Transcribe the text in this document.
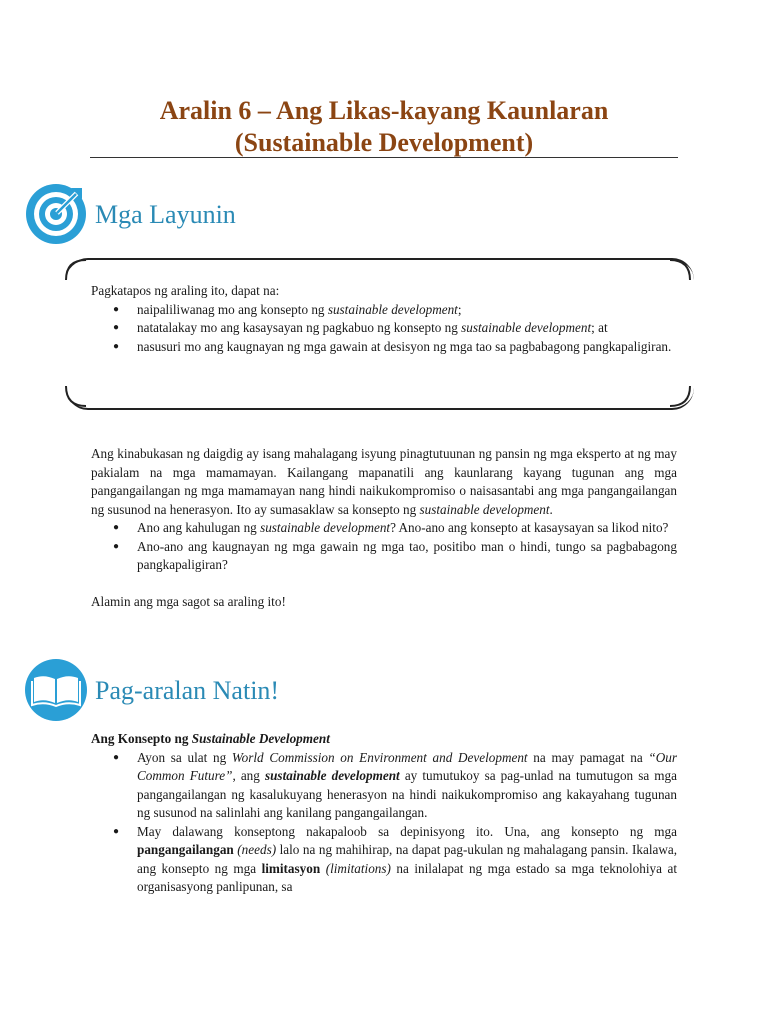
Aralin 6 – Ang Likas-kayang Kaunlaran
(Sustainable Development)
Mga Layunin

Pagkatapos ng araling ito, dapat na:

● naipaliliwanag mo ang konsepto ng sustainable development;
● natatalakay mo ang kasaysayan ng pagkabuo ng konsepto ng sustainable development; at
● nasusuri mo ang kaugnayan ng mga gawain at desisyon ng mga tao sa pagbabagong pangkapaligiran.

Ang kinabukasan ng daigdig ay isang mahalagang isyung pinagtutuunan ng pansin ng mga eksperto at ng may pakialam na mga mamamayan. Kailangang mapanatili ang kaunlarang kayang tugunan ang mga pangangailangan ng mga mamamayan nang hindi naikukompromiso o naisasantabi ang mga pangangailangan ng susunod na henerasyon. Ito ay sumasaklaw sa konsepto ng sustainable development.

● Ano ang kahulugan ng sustainable development? Ano-ano ang konsepto at kasaysayan sa likod nito?
● Ano-ano ang kaugnayan ng mga gawain ng mga tao, positibo man o hindi, tungo sa pagbabagong pangkapaligiran?

Alamin ang mga sagot sa araling ito!

Pag-aralan Natin!

Ang Konsepto ng Sustainable Development

● Ayon sa ulat ng World Commission on Environment and Development na may pamagat na “Our Common Future”, ang sustainable development ay tumutukoy sa pag-unlad na tumutugon sa mga pangangailangan ng kasalukuyang henerasyon na hindi naikukompromiso ang kakayahang tugunan ng susunod na salinlahi ang kanilang pangangailangan.
● May dalawang konseptong nakapaloob sa depinisyong ito. Una, ang konsepto ng mga pangangailangan (needs) lalo na ng mahihirap, na dapat pag-ukulan ng mahalagang pansin. Ikalawa, ang konsepto ng mga limitasyon (limitations) na inilalapat ng mga estado sa mga teknolohiya at organisasyong panlipunan, sa
